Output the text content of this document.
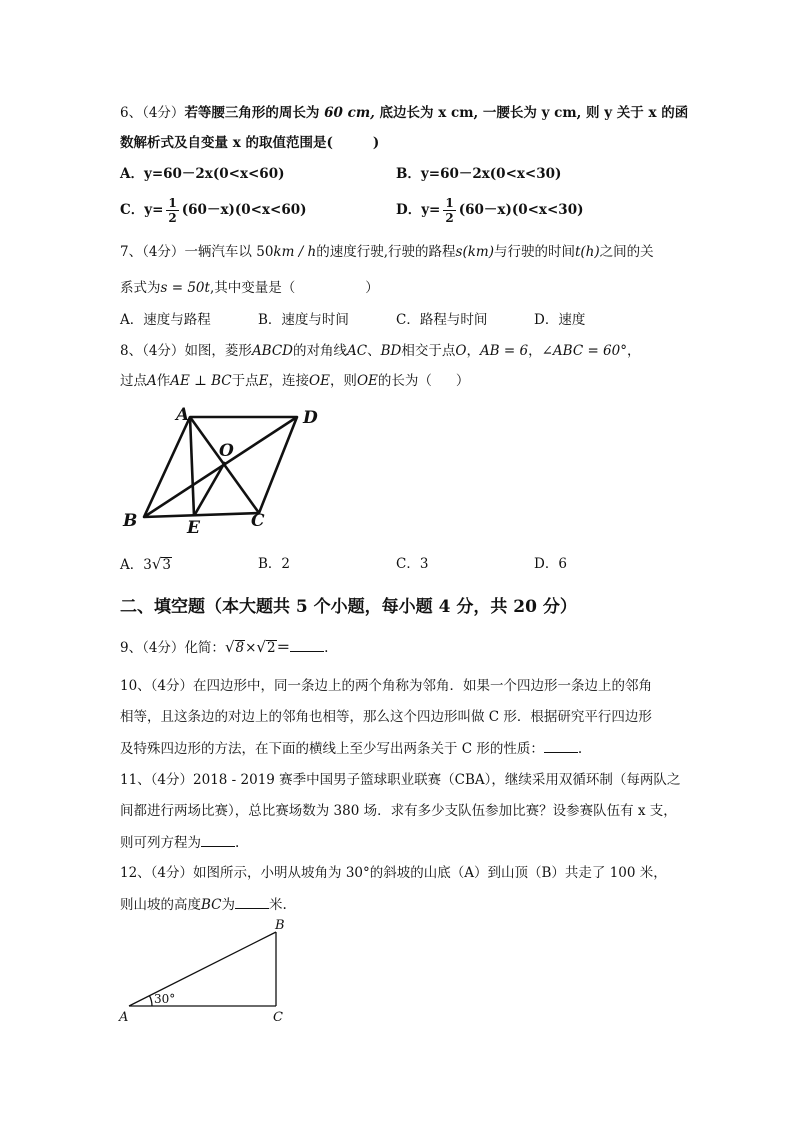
6、（4分）若等腰三角形的周长为 60 cm, 底边长为 x cm, 一腰长为 y cm, 则 y 关于 x 的函
数解析式及自变量 x 的取值范围是(	)
A．y=60－2x(0<x<60)	B．y=60－2x(0<x<30)
C．$y= \frac{1}{2} (60-x)(0<x<60)$	D．$y= \frac{1}{2} (60-x)(0<x<30)$
7、（4分）一辆汽车以 50km / h的速度行驶,行驶的路程s(km)与行驶的时间t(h)之间的关
系式为s = 50t,其中变量是（	）
A．速度与路程	B．速度与时间	C．路程与时间	D．速度
8、（4分）如图，菱形ABCD的对角线AC、BD相交于点O，AB = 6，∠ABC = 60°，
过点A作AE ⊥ BC于点E，连接OE，则OE的长为（ ）
A	D
O
B	C
E
A．3√3	B．2	C．3	D．6
二、填空题（本大题共 5 个小题，每小题 4 分，共 20 分）
9、（4分）化简：√8×√2＝	.
10、（4分）在四边形中，同一条边上的两个角称为邻角．如果一个四边形一条边上的邻角
相等，且这条边的对边上的邻角也相等，那么这个四边形叫做 C 形．根据研究平行四边形
及特殊四边形的方法，在下面的横线上至少写出两条关于 C 形的性质：	.
11、（4分）2018 - 2019 赛季中国男子篮球职业联赛（CBA），继续采用双循环制（每两队之
间都进行两场比赛），总比赛场数为 380 场．求有多少支队伍参加比赛？设参赛队伍有 x 支，
则可列方程为	.
12、（4分）如图所示，小明从坡角为 30°的斜坡的山底（A）到山顶（B）共走了 100 米，
则山坡的高度BC为	米.
A
B
C
30°
